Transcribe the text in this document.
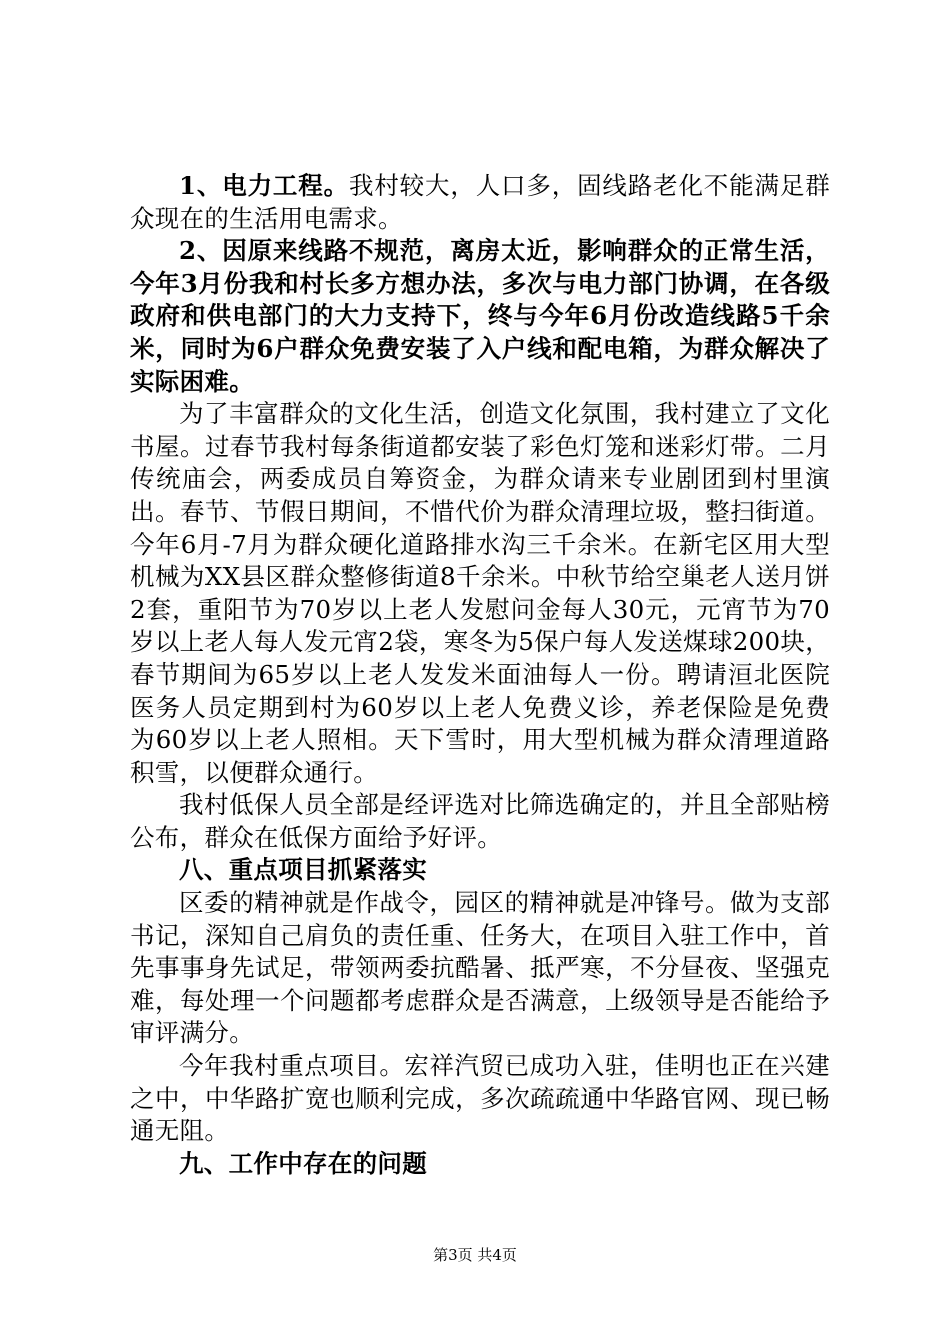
1、电力工程。我村较大，人口多，固线路老化不能满足群众现在的生活用电需求。

2、因原来线路不规范，离房太近，影响群众的正常生活，今年3月份我和村长多方想办法，多次与电力部门协调，在各级政府和供电部门的大力支持下，终与今年6月份改造线路5千余米，同时为6户群众免费安装了入户线和配电箱，为群众解决了实际困难。

为了丰富群众的文化生活，创造文化氛围，我村建立了文化书屋。过春节我村每条街道都安装了彩色灯笼和迷彩灯带。二月传统庙会，两委成员自筹资金，为群众请来专业剧团到村里演出。春节、节假日期间，不惜代价为群众清理垃圾，整扫街道。今年6月-7月为群众硬化道路排水沟三千余米。在新宅区用大型机械为XX县区群众整修街道8千余米。中秋节给空巢老人送月饼2套，重阳节为70岁以上老人发慰问金每人30元，元宵节为70岁以上老人每人发元宵2袋，寒冬为5保户每人发送煤球200块，春节期间为65岁以上老人发发米面油每人一份。聘请洹北医院医务人员定期到村为60岁以上老人免费义诊，养老保险是免费为60岁以上老人照相。天下雪时，用大型机械为群众清理道路积雪，以便群众通行。

我村低保人员全部是经评选对比筛选确定的，并且全部贴榜公布，群众在低保方面给予好评。

八、重点项目抓紧落实

区委的精神就是作战令，园区的精神就是冲锋号。做为支部书记，深知自己肩负的责任重、任务大，在项目入驻工作中，首先事事身先试足，带领两委抗酷暑、抵严寒，不分昼夜、坚强克难，每处理一个问题都考虑群众是否满意，上级领导是否能给予审评满分。

今年我村重点项目。宏祥汽贸已成功入驻，佳明也正在兴建之中，中华路扩宽也顺利完成，多次疏疏通中华路官网、现已畅通无阻。

九、工作中存在的问题

第3页 共4页
